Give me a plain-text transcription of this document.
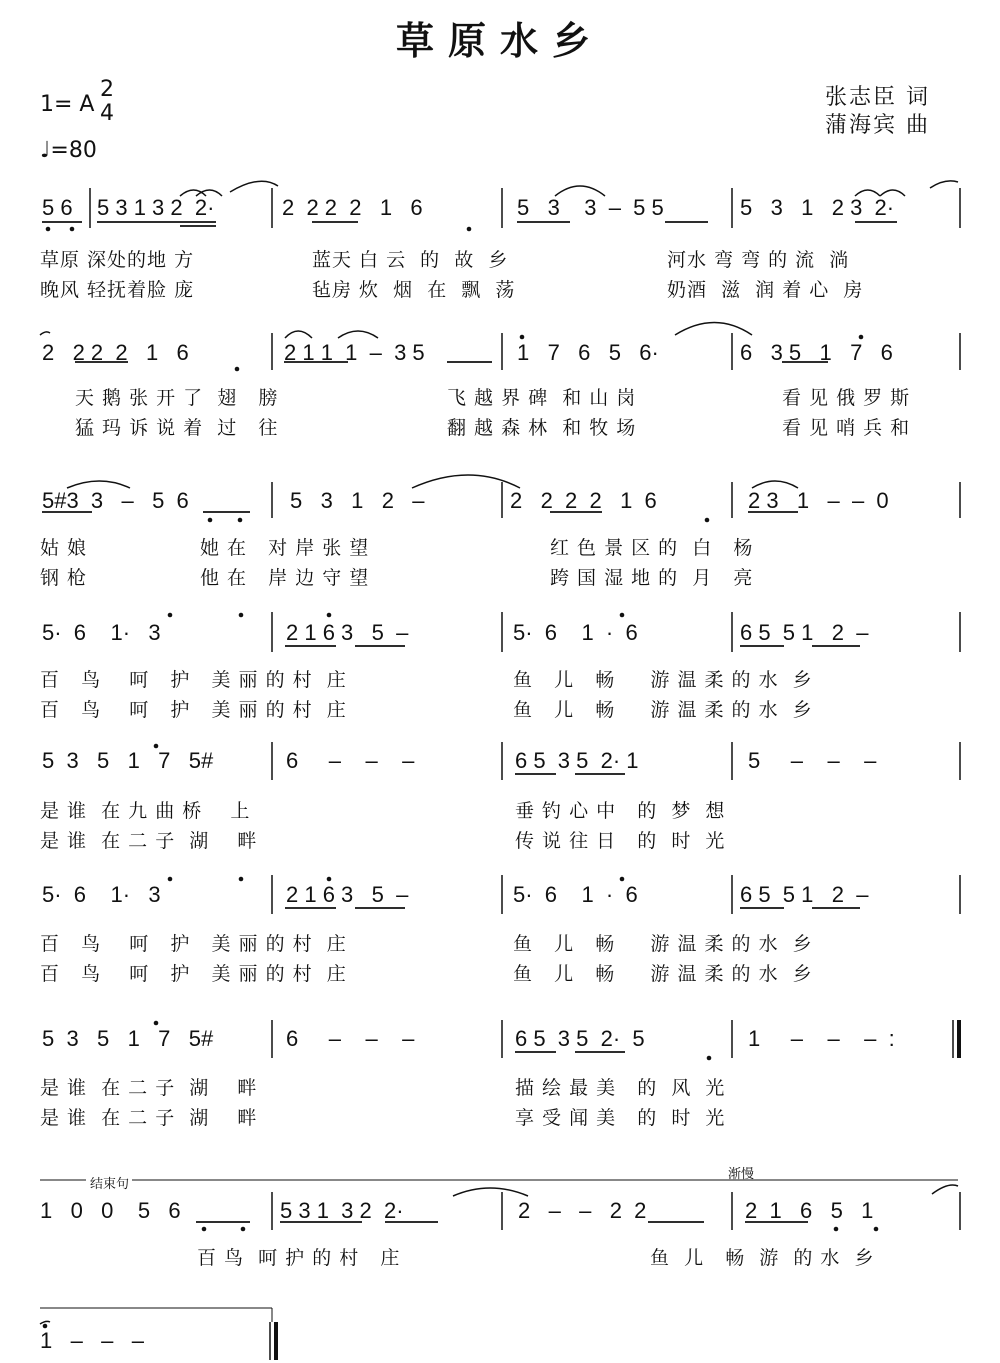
草原水乡
1= A
2
4
♩=80
张志臣 词
蒲海宾 曲
5 6 5 3 1 3 2  2·	2  2 2  2   1   6	5   3    3  –  5 5	5   3   1   2 3  2·
草原 深处的地 方	蓝天 白 云  的  故  乡	河水 弯 弯 的 流  淌
晚风 轻抚着脸 庞	毡房 炊  烟  在  飘  荡	奶酒  滋  润 着 心  房
2   2 2  2   1   6	2 1 1  1  –  3 5	1   7   6   5   6·	6   3 5   1   7   6
天 鹅 张 开 了  翅   膀	飞 越 界 碑  和 山 岗	看 见 俄 罗 斯
猛 玛 诉 说 着  过   往	翻 越 森 林  和 牧 场	看 见 哨 兵 和
5#3  3   –   5  6	5   3   1   2   –	2   2  2  2   1  6	2 3   1   –  –  0
姑 娘	她 在   对 岸 张 望	红 色 景 区 的  白   杨
钢 枪	他 在   岸 边 守 望	跨 国 湿 地 的  月   亮
5·  6    1·   3	2 1 6 3   5  –	5·  6    1  ·  6	6 5  5 1   2  –
百   鸟    呵   护   美 丽 的 村  庄	鱼   儿   畅     游 温 柔 的 水  乡
百   鸟    呵   护   美 丽 的 村  庄	鱼   儿   畅     游 温 柔 的 水  乡
5  3   5   1   7   5#	6     –    –    –	6 5  3 5  2· 1	5     –    –    –
是 谁  在 九 曲 桥    上	垂 钓 心 中   的  梦  想
是 谁  在 二 子  湖    畔	传 说 往 日   的  时  光
5·  6    1·   3	2 1 6 3   5  –	5·  6    1  ·  6	6 5  5 1   2  –
百   鸟    呵   护   美 丽 的 村  庄	鱼   儿   畅     游 温 柔 的 水  乡
百   鸟    呵   护   美 丽 的 村  庄	鱼   儿   畅     游 温 柔 的 水  乡
5  3   5   1   7   5#	6     –    –    –	6 5  3 5  2·  5	1     –    –    –  :
是 谁  在 二 子  湖    畔	描 绘 最 美   的  风  光
是 谁  在 二 子  湖    畔	享 受 闻 美   的  时  光
1   0   0    5   6	5 3 1  3 2  2·	2   –   –   2  2	2  1   6   5   1
百 鸟  呵 护 的 村   庄	鱼  儿   畅  游  的 水  乡
1   –   –   –
结束句
渐慢
